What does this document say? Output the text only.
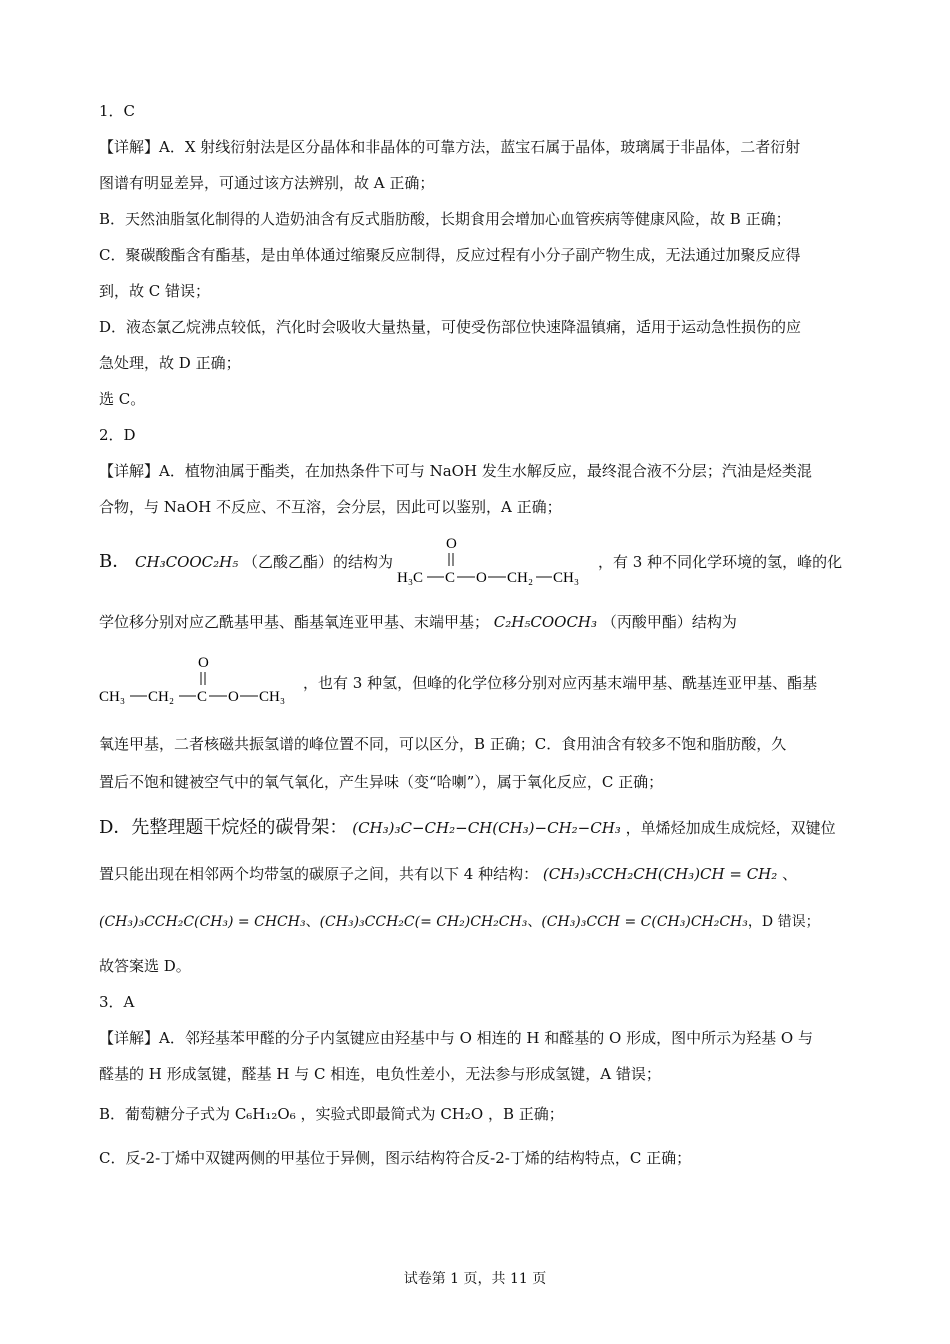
1．C
【详解】A．X 射线衍射法是区分晶体和非晶体的可靠方法，蓝宝石属于晶体，玻璃属于非晶体，二者衍射
图谱有明显差异，可通过该方法辨别，故 A 正确；
B．天然油脂氢化制得的人造奶油含有反式脂肪酸，长期食用会增加心血管疾病等健康风险，故 B 正确；
C．聚碳酸酯含有酯基，是由单体通过缩聚反应制得，反应过程有小分子副产物生成，无法通过加聚反应得
到，故 C 错误；
D．液态氯乙烷沸点较低，汽化时会吸收大量热量，可使受伤部位快速降温镇痛，适用于运动急性损伤的应
急处理，故 D 正确；
选 C。
2．D
【详解】A．植物油属于酯类，在加热条件下可与 NaOH 发生水解反应，最终混合液不分层；汽油是烃类混
合物，与 NaOH 不反应、不互溶，会分层，因此可以鉴别，A 正确；
B． CH₃COOC₂H₅ （乙酸乙酯）的结构为
O
H₃C C O CH₂ CH₃
，有 3 种不同化学环境的氢，峰的化
学位移分别对应乙酰基甲基、酯基氧连亚甲基、末端甲基； C₂H₅COOCH₃ （丙酸甲酯）结构为
O
CH₃ CH₂ C O CH₃
，也有 3 种氢，但峰的化学位移分别对应丙基末端甲基、酰基连亚甲基、酯基
氧连甲基，二者核磁共振氢谱的峰位置不同，可以区分，B 正确；C．食用油含有较多不饱和脂肪酸，久
置后不饱和键被空气中的氧气氧化，产生异味（变“哈喇”），属于氧化反应，C 正确；
D．先整理题干烷烃的碳骨架： (CH₃)₃C−CH₂−CH(CH₃)−CH₂−CH₃ ，单烯烃加成生成烷烃，双键位
置只能出现在相邻两个均带氢的碳原子之间，共有以下 4 种结构： (CH₃)₃CCH₂CH(CH₃)CH = CH₂ 、
(CH₃)₃CCH₂C(CH₃) = CHCH₃、(CH₃)₃CCH₂C(= CH₂)CH₂CH₃、(CH₃)₃CCH = C(CH₃)CH₂CH₃，D 错误；
故答案选 D。
3．A
【详解】A．邻羟基苯甲醛的分子内氢键应由羟基中与 O 相连的 H 和醛基的 O 形成，图中所示为羟基 O 与
醛基的 H 形成氢键，醛基 H 与 C 相连，电负性差小，无法参与形成氢键，A 错误；
B．葡萄糖分子式为 C₆H₁₂O₆ ，实验式即最简式为 CH₂O ，B 正确；
C．反-2-丁烯中双键两侧的甲基位于异侧，图示结构符合反-2-丁烯的结构特点，C 正确；
试卷第 1 页，共 11 页
